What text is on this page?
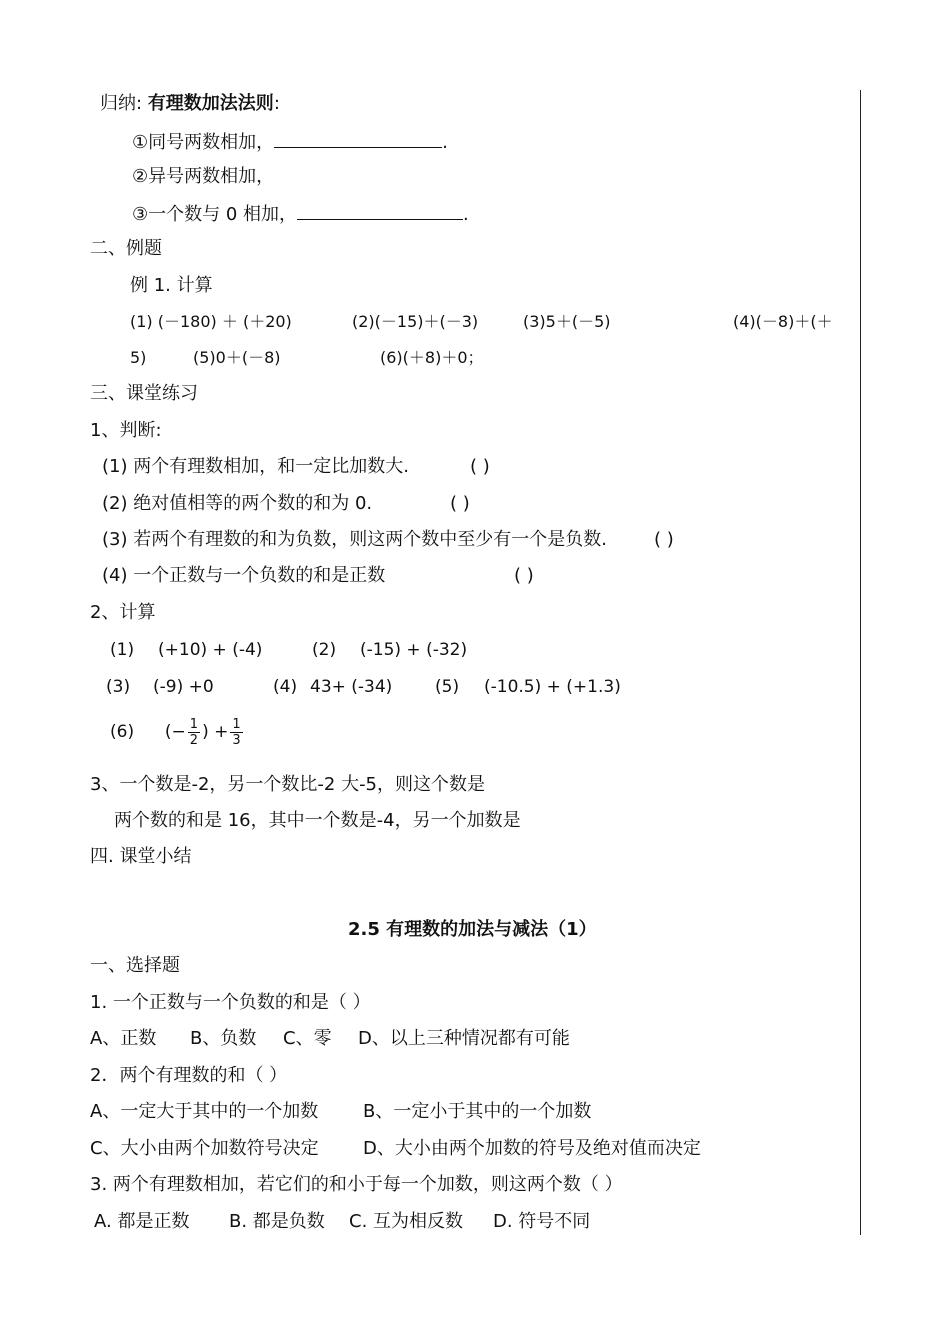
归纳: 有理数加法法则:
①同号两数相加，	.
②异号两数相加，
③一个数与 0 相加，	.
二、例题
例 1. 计算
(1) (－180) ＋ (＋20)	(2)(－15)＋(－3)	(3)5＋(－5)	(4)(－8)＋(＋
5)	(5)0＋(－8)	(6)(＋8)＋0；
三、课堂练习
1、判断:
(1) 两个有理数相加，和一定比加数大.	( )
(2) 绝对值相等的两个数的和为 0.	( )
(3) 若两个有理数的和为负数，则这两个数中至少有一个是负数.	( )
(4) 一个正数与一个负数的和是正数	( )
2、计算
(1) (+10) + (-4)	(2) (-15) + (-32)
(3) (-9) +0	(4) 43+ (-34)	(5) (-10.5) + (+1.3)
(6) (− $\frac{1}{2}$ ) + $\frac{1}{3}$
3、一个数是-2，另一个数比-2 大-5，则这个数是
两个数的和是 16，其中一个数是-4，另一个加数是
四. 课堂小结
2.5 有理数的加法与减法（1）
一、选择题
1. 一个正数与一个负数的和是（ ）
A、正数 B、负数 C、零 D、以上三种情况都有可能
2．两个有理数的和（ ）
A、一定大于其中的一个加数 B、一定小于其中的一个加数
C、大小由两个加数符号决定 D、大小由两个加数的符号及绝对值而决定
3. 两个有理数相加，若它们的和小于每一个加数，则这两个数（ ）
A. 都是正数 B. 都是负数 C. 互为相反数 D. 符号不同
